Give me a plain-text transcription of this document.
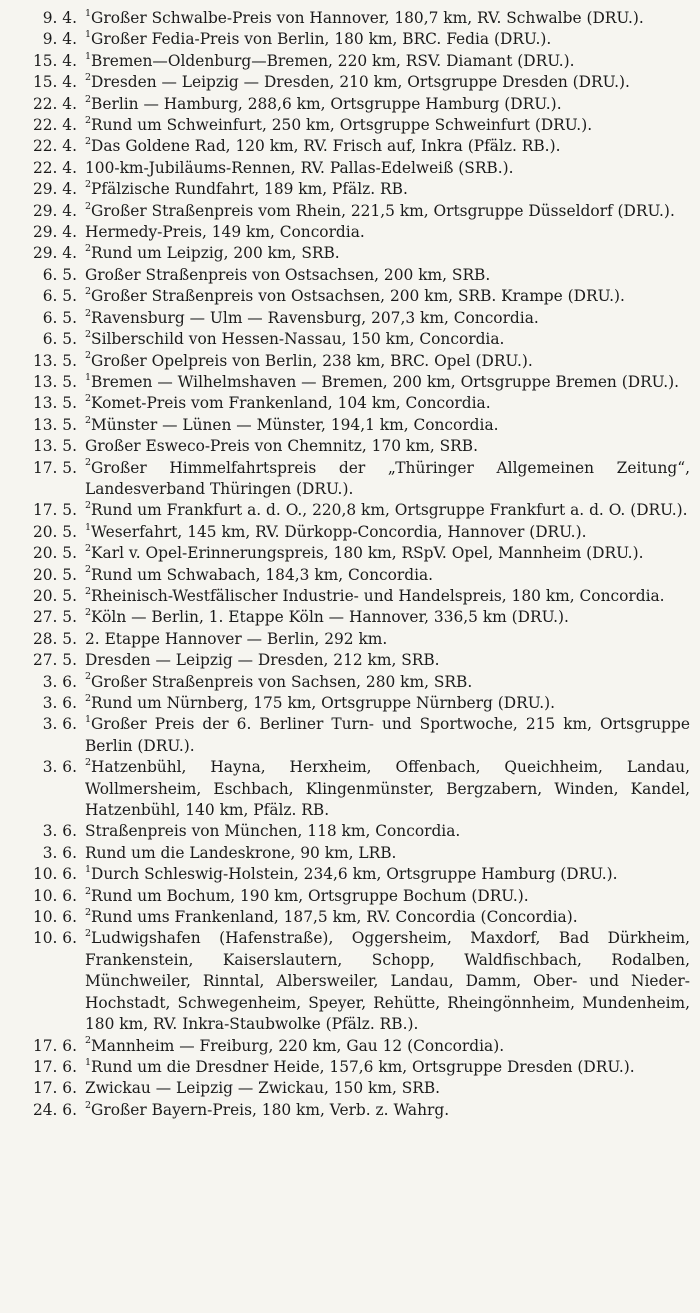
9. 4. $^1$Großer Schwalbe-Preis von Hannover, 180,7 km, RV. Schwalbe (DRU.).
9. 4. $^1$Großer Fedia-Preis von Berlin, 180 km, BRC. Fedia (DRU.).
15. 4. $^1$Bremen—Oldenburg—Bremen, 220 km, RSV. Diamant (DRU.).
15. 4. $^2$Dresden — Leipzig — Dresden, 210 km, Ortsgruppe Dresden (DRU.).
22. 4. $^2$Berlin — Hamburg, 288,6 km, Ortsgruppe Hamburg (DRU.).
22. 4. $^2$Rund um Schweinfurt, 250 km, Ortsgruppe Schweinfurt (DRU.).
22. 4. $^2$Das Goldene Rad, 120 km, RV. Frisch auf, Inkra (Pfälz. RB.).
22. 4. 100-km-Jubiläums-Rennen, RV. Pallas-Edelweiß (SRB.).
29. 4. $^2$Pfälzische Rundfahrt, 189 km, Pfälz. RB.
29. 4. $^2$Großer Straßenpreis vom Rhein, 221,5 km, Ortsgruppe Düsseldorf (DRU.).
29. 4. Hermedy-Preis, 149 km, Concordia.
29. 4. $^2$Rund um Leipzig, 200 km, SRB.
6. 5. Großer Straßenpreis von Ostsachsen, 200 km, SRB.
6. 5. $^2$Großer Straßenpreis von Ostsachsen, 200 km, SRB. Krampe (DRU.).
6. 5. $^2$Ravensburg — Ulm — Ravensburg, 207,3 km, Concordia.
6. 5. $^2$Silberschild von Hessen-Nassau, 150 km, Concordia.
13. 5. $^2$Großer Opelpreis von Berlin, 238 km, BRC. Opel (DRU.).
13. 5. $^1$Bremen — Wilhelmshaven — Bremen, 200 km, Ortsgruppe Bremen (DRU.).
13. 5. $^2$Komet-Preis vom Frankenland, 104 km, Concordia.
13. 5. $^2$Münster — Lünen — Münster, 194,1 km, Concordia.
13. 5. Großer Esweco-Preis von Chemnitz, 170 km, SRB.
17. 5. $^2$Großer Himmelfahrtspreis der „Thüringer Allgemeinen Zeitung“, Landesverband Thüringen (DRU.).
17. 5. $^2$Rund um Frankfurt a. d. O., 220,8 km, Ortsgruppe Frankfurt a. d. O. (DRU.).
20. 5. $^1$Weserfahrt, 145 km, RV. Dürkopp-Concordia, Hannover (DRU.).
20. 5. $^2$Karl v. Opel-Erinnerungspreis, 180 km, RSpV. Opel, Mannheim (DRU.).
20. 5. $^2$Rund um Schwabach, 184,3 km, Concordia.
20. 5. $^2$Rheinisch-Westfälischer Industrie- und Handelspreis, 180 km, Concordia.
27. 5. $^2$Köln — Berlin, 1. Etappe Köln — Hannover, 336,5 km (DRU.).
28. 5. 2. Etappe Hannover — Berlin, 292 km.
27. 5. Dresden — Leipzig — Dresden, 212 km, SRB.
3. 6. $^2$Großer Straßenpreis von Sachsen, 280 km, SRB.
3. 6. $^2$Rund um Nürnberg, 175 km, Ortsgruppe Nürnberg (DRU.).
3. 6. $^1$Großer Preis der 6. Berliner Turn- und Sportwoche, 215 km, Ortsgruppe Berlin (DRU.).
3. 6. $^2$Hatzenbühl, Hayna, Herxheim, Offenbach, Queichheim, Landau, Wollmersheim, Eschbach, Klingenmünster, Bergzabern, Winden, Kandel, Hatzenbühl, 140 km, Pfälz. RB.
3. 6. Straßenpreis von München, 118 km, Concordia.
3. 6. Rund um die Landeskrone, 90 km, LRB.
10. 6. $^1$Durch Schleswig-Holstein, 234,6 km, Ortsgruppe Hamburg (DRU.).
10. 6. $^2$Rund um Bochum, 190 km, Ortsgruppe Bochum (DRU.).
10. 6. $^2$Rund ums Frankenland, 187,5 km, RV. Concordia (Concordia).
10. 6. $^2$Ludwigshafen (Hafenstraße), Oggersheim, Maxdorf, Bad Dürkheim, Frankenstein, Kaiserslautern, Schopp, Waldfischbach, Rodalben, Münchweiler, Rinntal, Albersweiler, Landau, Damm, Ober- und Nieder-Hochstadt, Schwegenheim, Speyer, Rehütte, Rheingönnheim, Mundenheim, 180 km, RV. Inkra-Staubwolke (Pfälz. RB.).
17. 6. $^2$Mannheim — Freiburg, 220 km, Gau 12 (Concordia).
17. 6. $^1$Rund um die Dresdner Heide, 157,6 km, Ortsgruppe Dresden (DRU.).
17. 6. Zwickau — Leipzig — Zwickau, 150 km, SRB.
24. 6. $^2$Großer Bayern-Preis, 180 km, Verb. z. Wahrg.
